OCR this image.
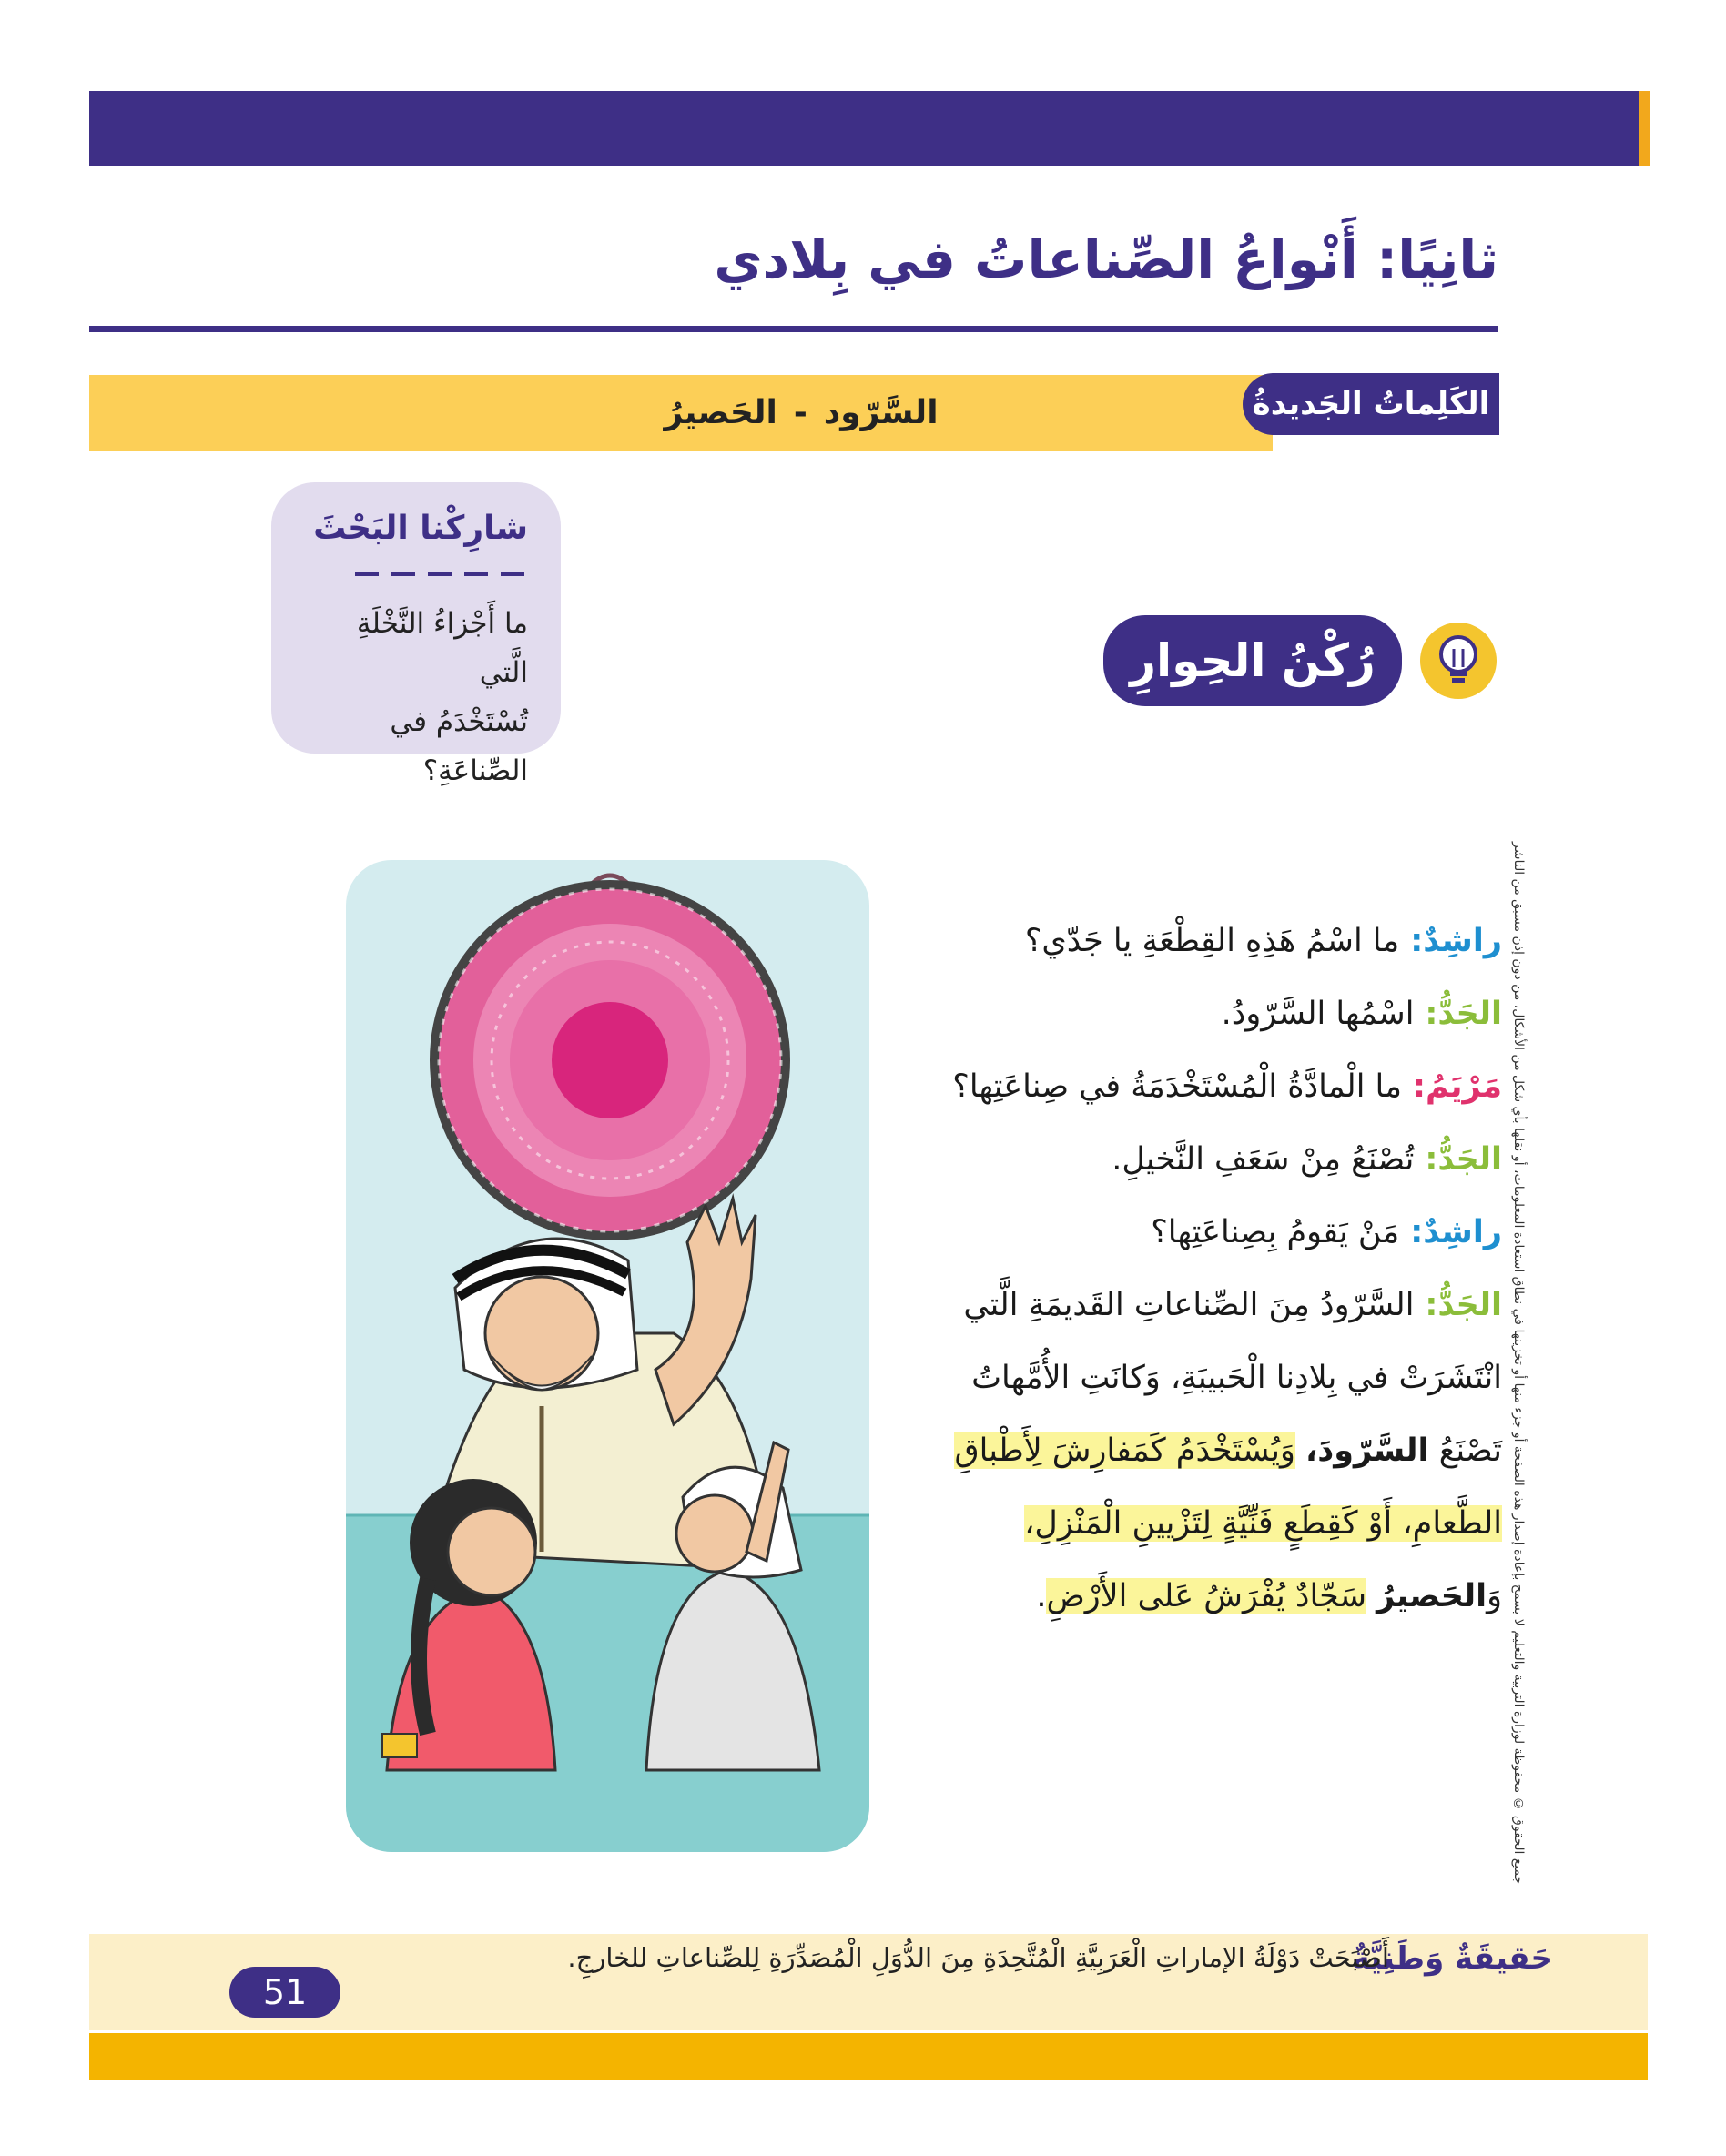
ثانِيًا: أَنْواعُ الصِّناعاتُ في بِلادي
الكَلِماتُ الجَديدةُ
السَّرّود
-
الحَصيرُ
شارِكْنا البَحْثَ
ما أَجْزاءُ النَّخْلَةِ الَّتي
تُسْتَخْدَمُ في الصِّناعَةِ؟
رُكْنُ الحِوارِ
جميع الحقوق © محفوظة لوزارة التربية والتعليم لا يسمح بإعادة إصدار هذه الصفحة أو جزء منها أو تخزينها في نطاق استعادة المعلومات، أو نقلها بأي شكل من الأشكال، من دون إذن مسبق من الناشر
راشِدٌ:ما اسْمُ هَذِهِ القِطْعَةِ يا جَدّي؟
الجَدُّ:اسْمُها السَّرّودُ.
مَرْيَمُ:ما الْمادَّةُ الْمُسْتَخْدَمَةُ في صِناعَتِها؟
الجَدُّ:تُصْنَعُ مِنْ سَعَفِ النَّخيلِ.
راشِدٌ:مَنْ يَقومُ بِصِناعَتِها؟
الجَدُّ:السَّرّودُ مِنَ الصِّناعاتِ القَديمَةِ الَّتي
انْتَشَرَتْ في بِلادِنا الْحَبيبَةِ، وَكانَتِ الأُمَّهاتُ
تَصْنَعُ السَّرّودَ، وَيُسْتَخْدَمُ كَمَفارِشَ لِأَطْباقِ
الطَّعامِ، أَوْ كَقِطَعٍ فَنِّيَّةٍ لِتَزْيينِ الْمَنْزِلِ،
وَالحَصيرُ سَجّادٌ يُفْرَشُ عَلى الأَرْضِ.
حَقيقَةٌ وَطَنِيَّةٌ
أَصْبَحَتْ دَوْلَةُ الإماراتِ الْعَرَبِيَّةِ الْمُتَّحِدَةِ مِنَ الدُّوَلِ الْمُصَدِّرَةِ لِلصِّناعاتِ للخارجِ.
51
